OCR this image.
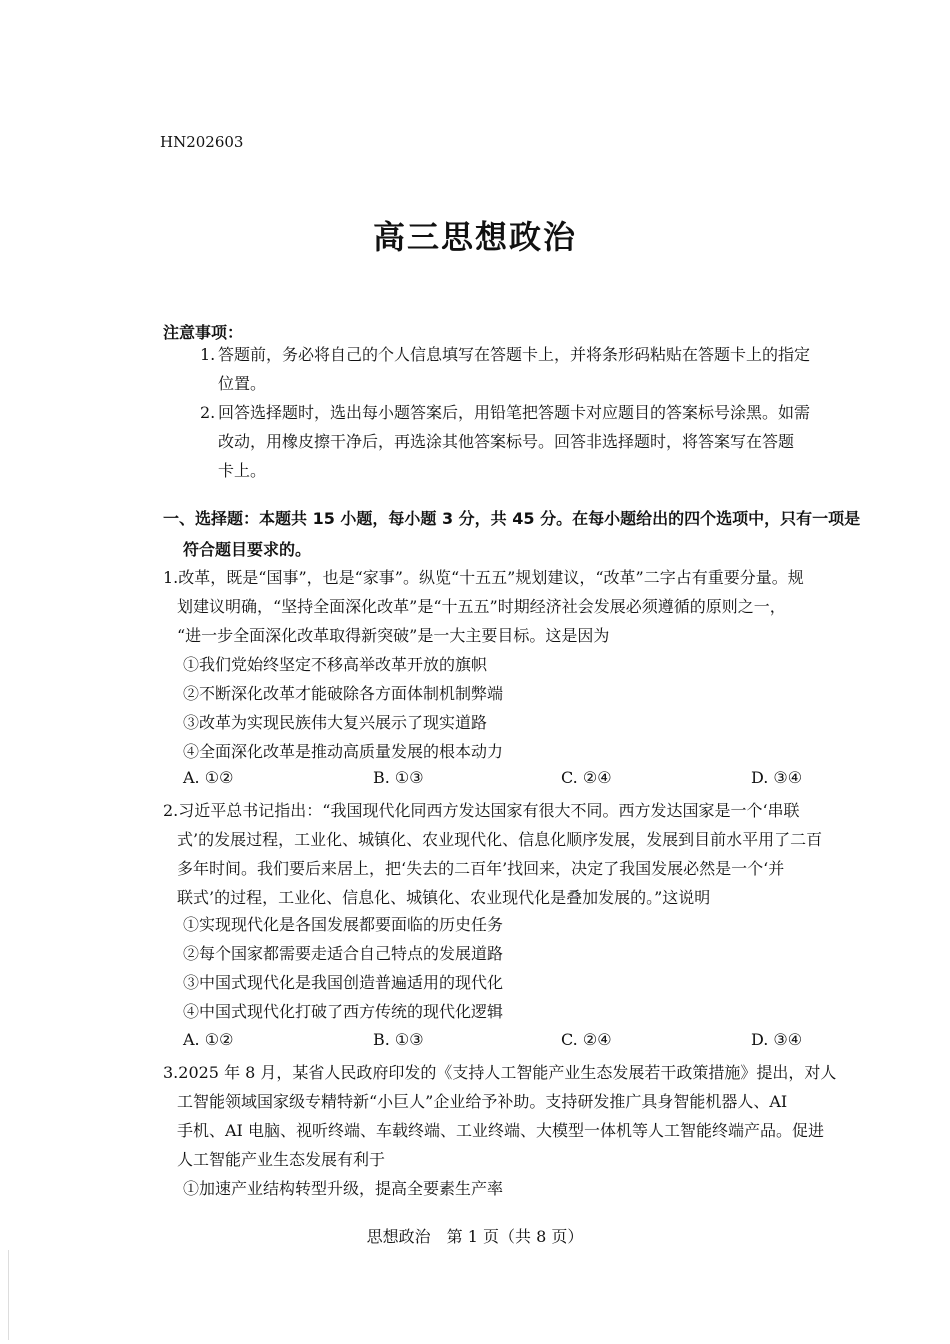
HN202603
高三思想政治
注意事项：
1. 答题前，务必将自己的个人信息填写在答题卡上，并将条形码粘贴在答题卡上的指定
位置。
2. 回答选择题时，选出每小题答案后，用铅笔把答题卡对应题目的答案标号涂黑。如需
改动，用橡皮擦干净后，再选涂其他答案标号。回答非选择题时，将答案写在答题
卡上。
一、选择题：本题共 15 小题，每小题 3 分，共 45 分。在每小题给出的四个选项中，只有一项是
符合题目要求的。
1.改革，既是“国事”，也是“家事”。纵览“十五五”规划建议，“改革”二字占有重要分量。规
划建议明确，“坚持全面深化改革”是“十五五”时期经济社会发展必须遵循的原则之一，
“进一步全面深化改革取得新突破”是一大主要目标。这是因为
①我们党始终坚定不移高举改革开放的旗帜
②不断深化改革才能破除各方面体制机制弊端
③改革为实现民族伟大复兴展示了现实道路
④全面深化改革是推动高质量发展的根本动力
A. ①②	B. ①③	C. ②④	D. ③④
2.习近平总书记指出：“我国现代化同西方发达国家有很大不同。西方发达国家是一个‘串联
式’的发展过程，工业化、城镇化、农业现代化、信息化顺序发展，发展到目前水平用了二百
多年时间。我们要后来居上，把‘失去的二百年’找回来，决定了我国发展必然是一个‘并
联式’的过程，工业化、信息化、城镇化、农业现代化是叠加发展的。”这说明
①实现现代化是各国发展都要面临的历史任务
②每个国家都需要走适合自己特点的发展道路
③中国式现代化是我国创造普遍适用的现代化
④中国式现代化打破了西方传统的现代化逻辑
A. ①②	B. ①③	C. ②④	D. ③④
3.2025 年 8 月，某省人民政府印发的《支持人工智能产业生态发展若干政策措施》提出，对人
工智能领域国家级专精特新“小巨人”企业给予补助。支持研发推广具身智能机器人、AI
手机、AI 电脑、视听终端、车载终端、工业终端、大模型一体机等人工智能终端产品。促进
人工智能产业生态发展有利于
①加速产业结构转型升级，提高全要素生产率
思想政治　第 1 页（共 8 页）
